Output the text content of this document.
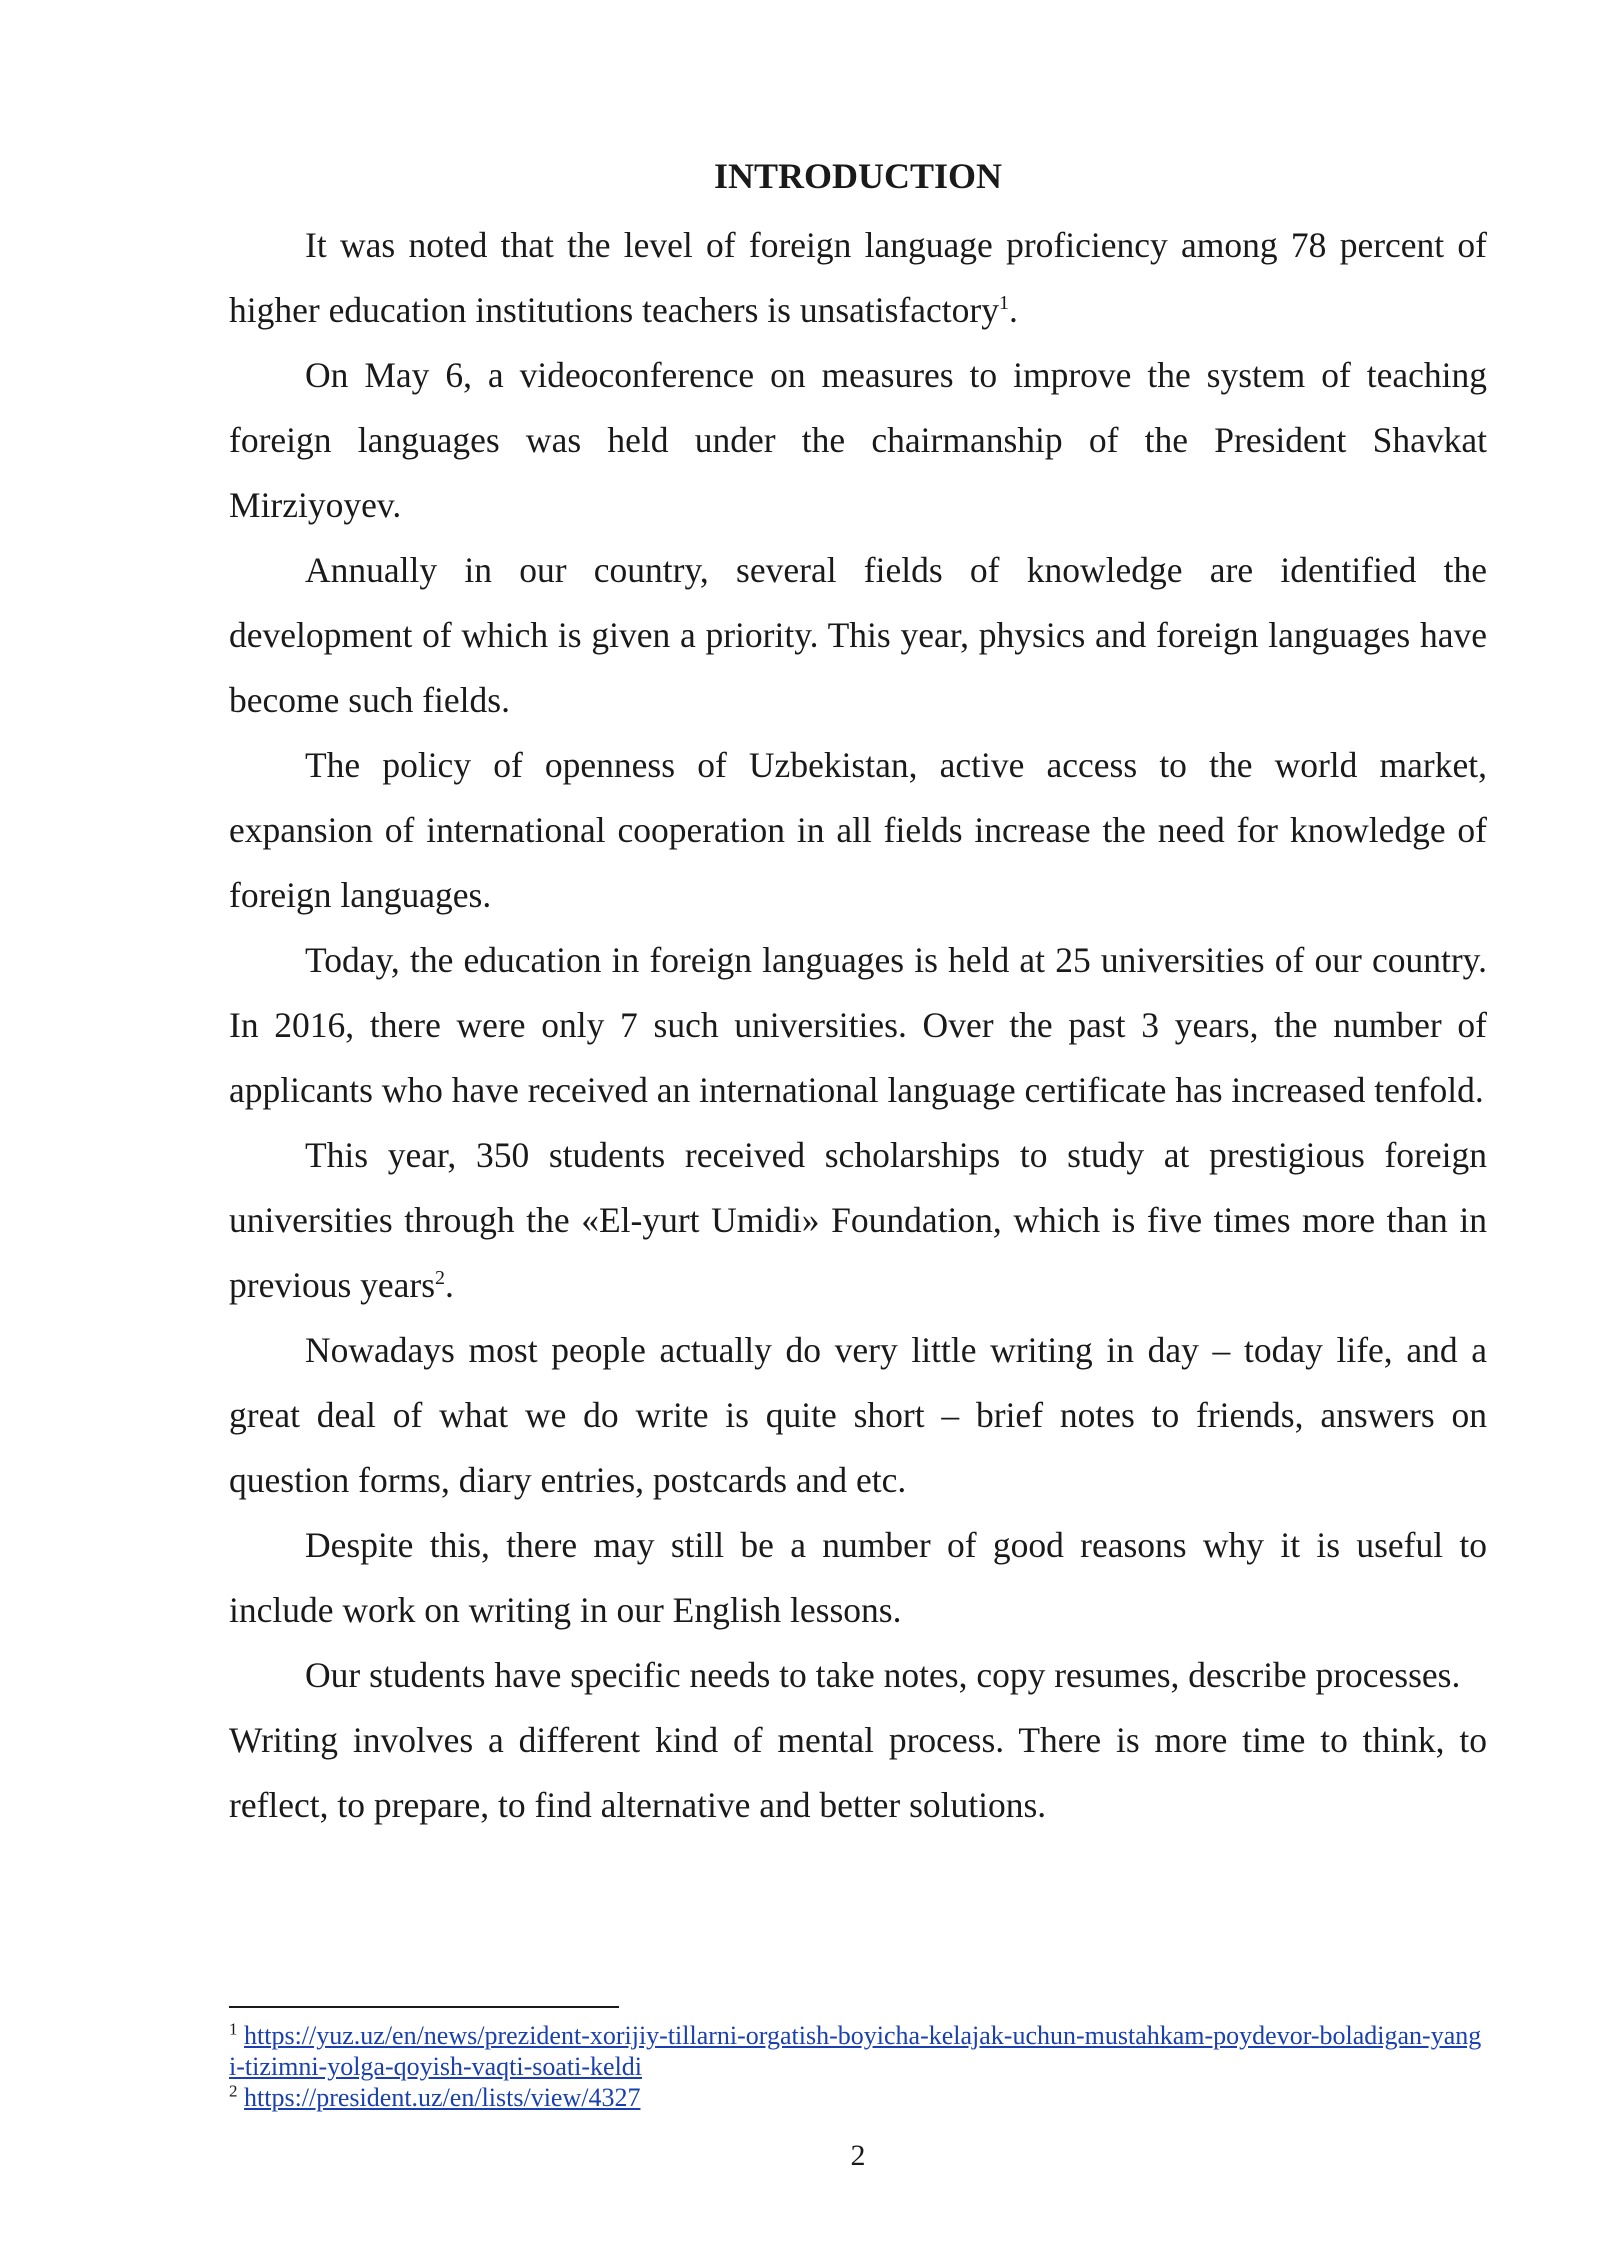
INTRODUCTION

It was noted that the level of foreign language proficiency among 78 percent of higher education institutions teachers is unsatisfactory$^1$.

On May 6, a videoconference on measures to improve the system of teaching foreign languages was held under the chairmanship of the President Shavkat Mirziyoyev.

Annually in our country, several fields of knowledge are identified the development of which is given a priority. This year, physics and foreign languages have become such fields.

The policy of openness of Uzbekistan, active access to the world market, expansion of international cooperation in all fields increase the need for knowledge of foreign languages.

Today, the education in foreign languages is held at 25 universities of our country. In 2016, there were only 7 such universities. Over the past 3 years, the number of applicants who have received an international language certificate has increased tenfold.

This year, 350 students received scholarships to study at prestigious foreign universities through the «El-yurt Umidi» Foundation, which is five times more than in previous years$^2$.

Nowadays most people actually do very little writing in day – today life, and a great deal of what we do write is quite short – brief notes to friends, answers on question forms, diary entries, postcards and etc.

Despite this, there may still be a number of good reasons why it is useful to include work on writing in our English lessons.

Our students have specific needs to take notes, copy resumes, describe processes.

Writing involves a different kind of mental process. There is more time to think, to reflect, to prepare, to find alternative and better solutions.

$^1$ https://yuz.uz/en/news/prezident-xorijiy-tillarni-orgatish-boyicha-kelajak-uchun-mustahkam-poydevor-boladigan-yangi-tizimni-yolga-qoyish-vaqti-soati-keldi

$^2$ https://president.uz/en/lists/view/4327

2
